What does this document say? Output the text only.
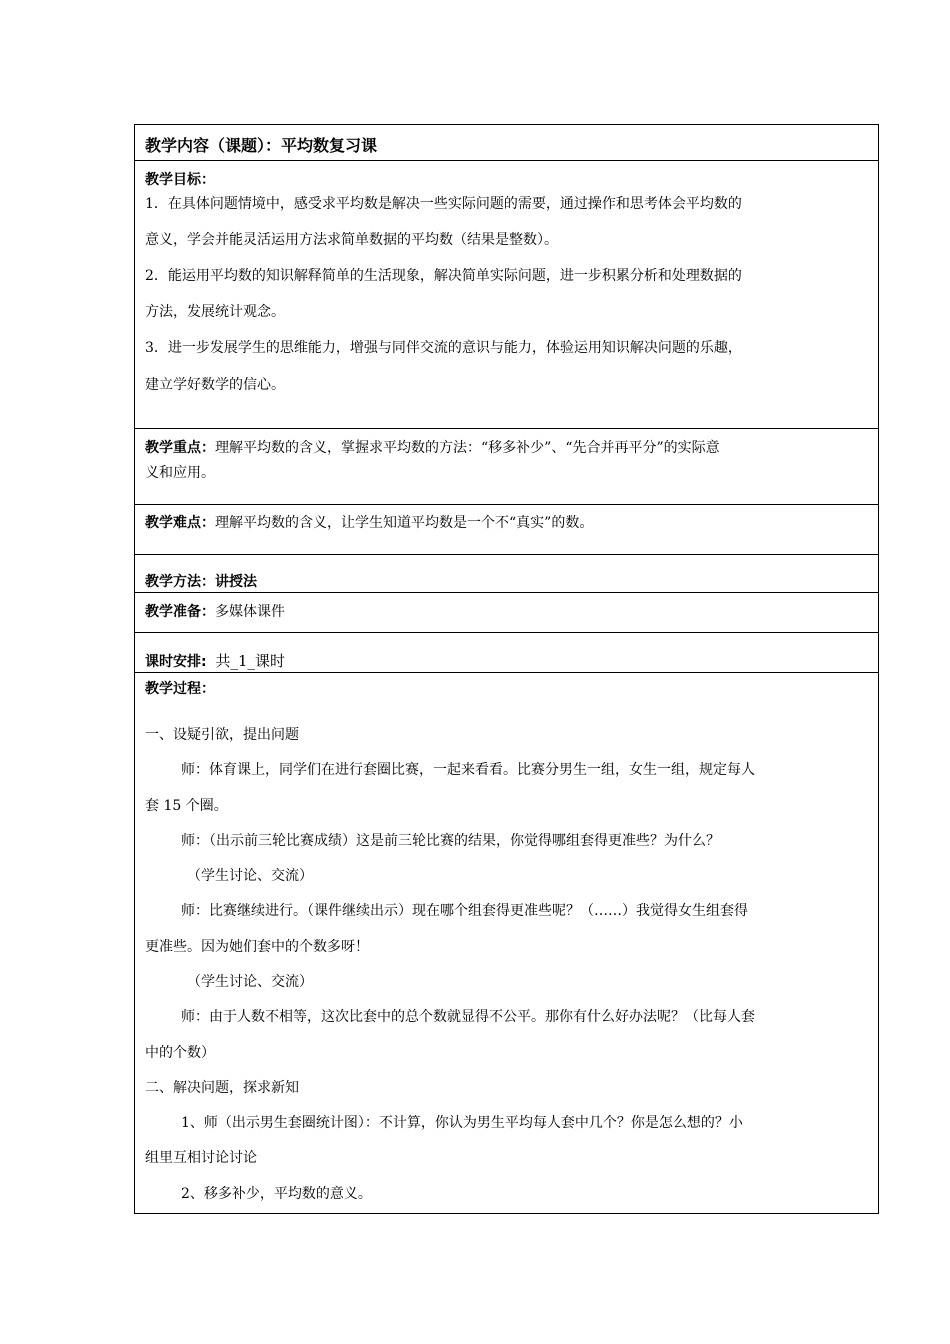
教学内容（课题）：平均数复习课
教学目标：
1．在具体问题情境中，感受求平均数是解决一些实际问题的需要，通过操作和思考体会平均数的
意义，学会并能灵活运用方法求简单数据的平均数（结果是整数）。
2．能运用平均数的知识解释简单的生活现象，解决简单实际问题，进一步积累分析和处理数据的
方法，发展统计观念。
3．进一步发展学生的思维能力，增强与同伴交流的意识与能力，体验运用知识解决问题的乐趣，
建立学好数学的信心。
教学重点：理解平均数的含义，掌握求平均数的方法：“移多补少”、“先合并再平分”的实际意
义和应用。
教学难点：理解平均数的含义，让学生知道平均数是一个不“真实”的数。
教学方法：讲授法
教学准备：多媒体课件
课时安排: 共_1_课时
教学过程：
一、设疑引欲，提出问题
师：体育课上，同学们在进行套圈比赛，一起来看看。比赛分男生一组，女生一组，规定每人
套 15 个圈。
师：（出示前三轮比赛成绩）这是前三轮比赛的结果，你觉得哪组套得更准些？为什么？
（学生讨论、交流）
师：比赛继续进行。（课件继续出示）现在哪个组套得更准些呢？（……）我觉得女生组套得
更准些。因为她们套中的个数多呀！
（学生讨论、交流）
师：由于人数不相等，这次比套中的总个数就显得不公平。那你有什么好办法呢？（比每人套
中的个数）
二、解决问题，探求新知
1、师（出示男生套圈统计图）：不计算，你认为男生平均每人套中几个？你是怎么想的？小
组里互相讨论讨论
2、移多补少，平均数的意义。
